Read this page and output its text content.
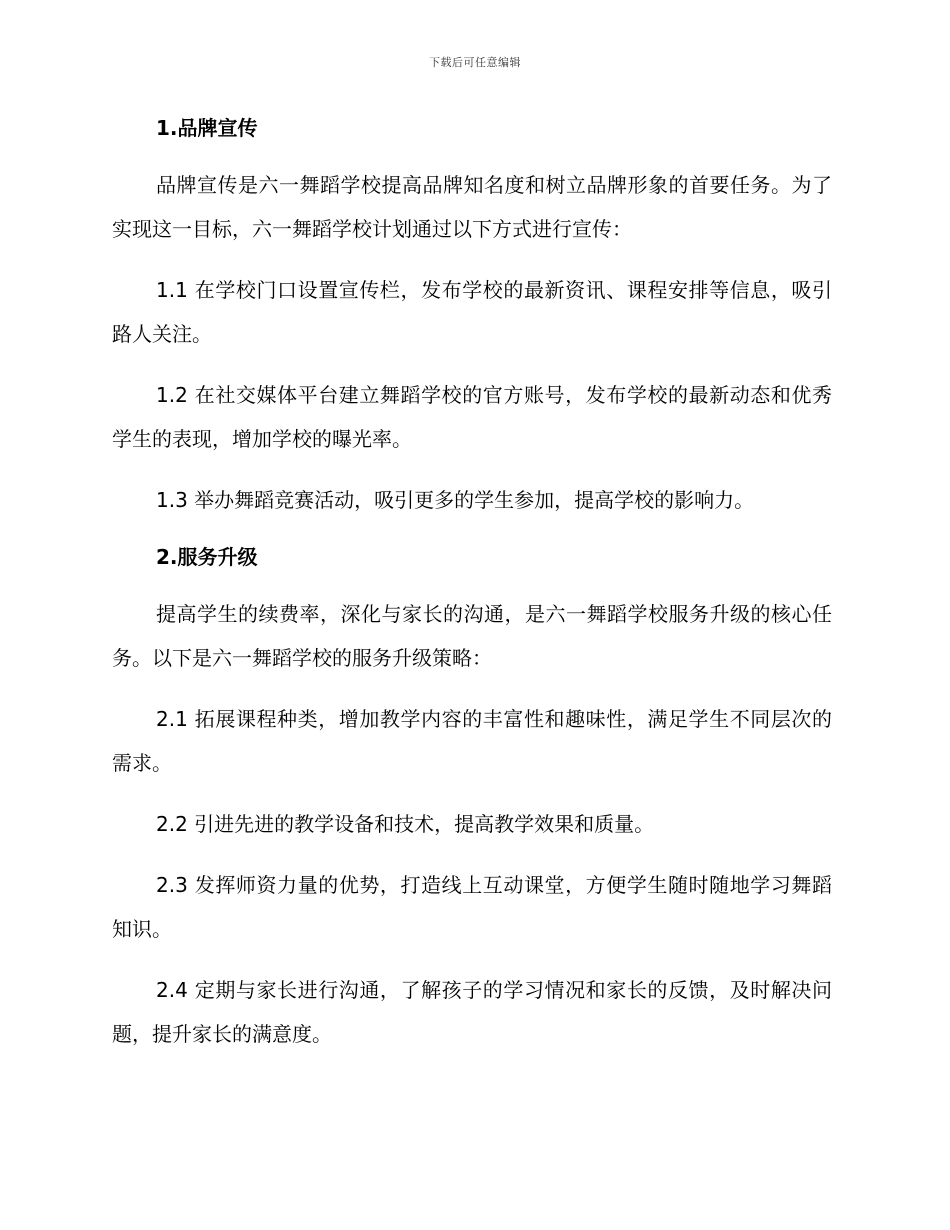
下载后可任意编辑
1.品牌宣传

品牌宣传是六一舞蹈学校提高品牌知名度和树立品牌形象的首要任务。为了实现这一目标，六一舞蹈学校计划通过以下方式进行宣传：

1.1 在学校门口设置宣传栏，发布学校的最新资讯、课程安排等信息，吸引路人关注。

1.2 在社交媒体平台建立舞蹈学校的官方账号，发布学校的最新动态和优秀学生的表现，增加学校的曝光率。

1.3 举办舞蹈竞赛活动，吸引更多的学生参加，提高学校的影响力。

2.服务升级

提高学生的续费率，深化与家长的沟通，是六一舞蹈学校服务升级的核心任务。以下是六一舞蹈学校的服务升级策略：

2.1 拓展课程种类，增加教学内容的丰富性和趣味性，满足学生不同层次的需求。

2.2 引进先进的教学设备和技术，提高教学效果和质量。

2.3 发挥师资力量的优势，打造线上互动课堂，方便学生随时随地学习舞蹈知识。

2.4 定期与家长进行沟通，了解孩子的学习情况和家长的反馈，及时解决问题，提升家长的满意度。
